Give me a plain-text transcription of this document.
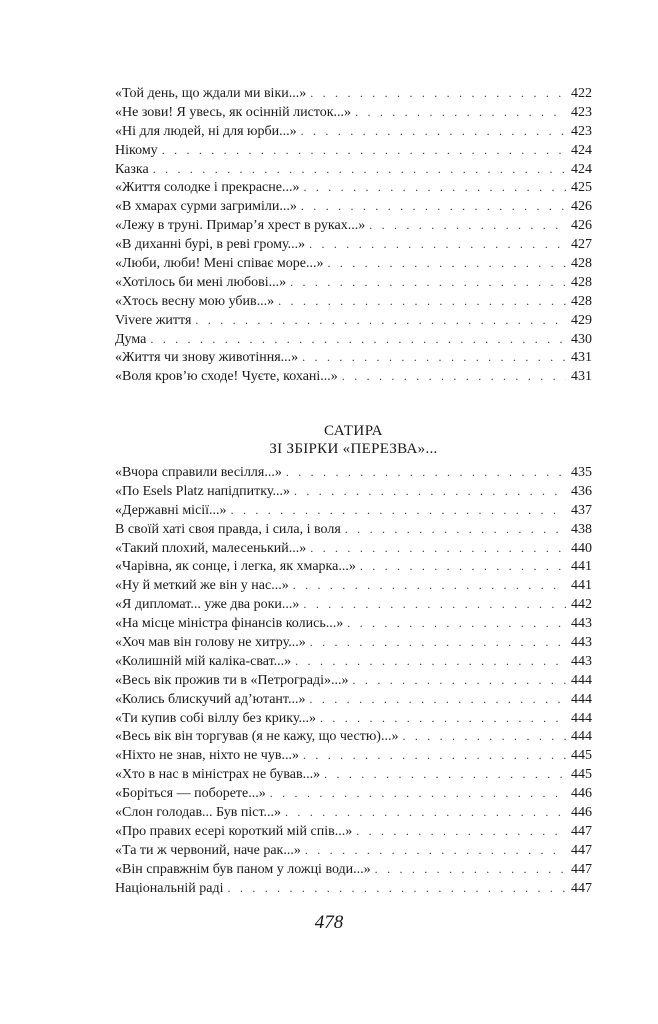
«Той день, що ждали ми віки...» . . .	422
«Не зови! Я увесь, як осінній листок...» . . .	423
«Ні для людей, ні для юрби...» . . .	423
Нікому . . .	424
Казка . . .	424
«Життя солодке і прекрасне...» . . .	425
«В хмарах сурми загриміли...» . . .	426
«Лежу в труні. Примар’я хрест в руках...» . . .	426
«В диханні бурі, в реві грому...» . . .	427
«Люби, люби! Мені співає море...» . . .	428
«Хотілось би мені любові...» . . .	428
«Хтось весну мою убив...» . . .	428
Vivere життя . . .	429
Дума . . .	430
«Життя чи знову животіння...» . . .	431
«Воля кров’ю сходе! Чуєте, кохані...» . . .	431
САТИРА
ЗІ ЗБІРКИ «ПЕРЕЗВА»...
«Вчора справили весілля...» . . .	435
«По Esels Platz напідпитку...» . . .	436
«Державні місії...» . . .	437
В своїй хаті своя правда, і сила, і воля . . .	438
«Такий плохий, малесенький...» . . .	440
«Чарівна, як сонце, і легка, як хмарка...» . . .	441
«Ну й меткий же він у нас...» . . .	441
«Я дипломат... уже два роки...» . . .	442
«На місце міністра фінансів колись...» . . .	443
«Хоч мав він голову не хитру...» . . .	443
«Колишній мій каліка-сват...» . . .	443
«Весь вік прожив ти в «Петрограді»...» . . .	444
«Колись блискучий ад’ютант...» . . .	444
«Ти купив собі віллу без крику...» . . .	444
«Весь вік він торгував (я не кажу, що честю)...» . . .	444
«Ніхто не знав, ніхто не чув...» . . .	445
«Хто в нас в міністрах не бував...» . . .	445
«Боріться — поборете...» . . .	446
«Слон голодав... Був піст...» . . .	446
«Про правих есері короткий мій спів...» . . .	447
«Та ти ж червоний, наче рак...» . . .	447
«Він справжнім був паном у ложці води...» . . .	447
Національній раді . . .	447
478
